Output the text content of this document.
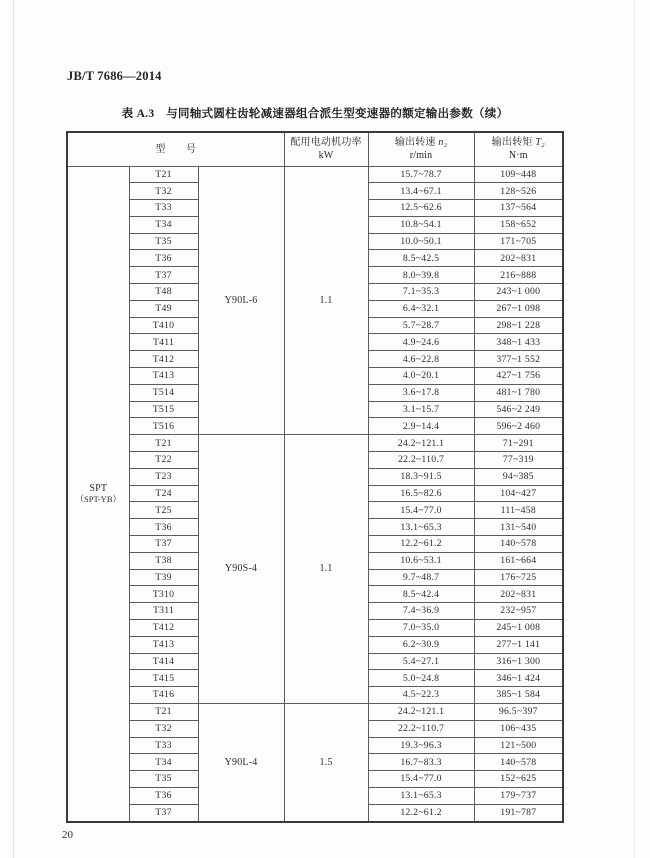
JB/T 7686—2014
表 A.3　与同轴式圆柱齿轮减速器组合派生型变速器的额定输出参数（续）
型　　号	
配用电动机功率
kW

输出转速 n₂
r/min

输出转矩 T₂
N·m

SPT
（SPT-YB）	T21	Y90L-6	1.1	15.7~78.7	109~448
	T32			13.4~67.1	128~526
	T33			12.5~62.6	137~564
	T34			10.8~54.1	158~652
	T35			10.0~50.1	171~705
	T36			8.5~42.5	202~831
	T37			8.0~39.8	216~888
	T48			7.1~35.3	243~1 000
	T49			6.4~32.1	267~1 098
	T410			5.7~28.7	298~1 228
	T411			4.9~24.6	348~1 433
	T412			4.6~22.8	377~1 552
	T413			4.0~20.1	427~1 756
	T514			3.6~17.8	481~1 780
	T515			3.1~15.7	546~2 249
	T516			2.9~14.4	596~2 460
	T21	Y90S-4	1.1	24.2~121.1	71~291
	T22			22.2~110.7	77~319
	T23			18.3~91.5	94~385
	T24			16.5~82.6	104~427
	T25			15.4~77.0	111~458
	T36			13.1~65.3	131~540
	T37			12.2~61.2	140~578
	T38			10.6~53.1	161~664
	T39			9.7~48.7	176~725
	T310			8.5~42.4	202~831
	T311			7.4~36.9	232~957
	T412			7.0~35.0	245~1 008
	T413			6.2~30.9	277~1 141
	T414			5.4~27.1	316~1 300
	T415			5.0~24.8	346~1 424
	T416			4.5~22.3	385~1 584
	T21	Y90L-4	1.5	24.2~121.1	96.5~397
	T32			22.2~110.7	106~435
	T33			19.3~96.3	121~500
	T34			16.7~83.3	140~578
	T35			15.4~77.0	152~625
	T36			13.1~65.3	179~737
	T37			12.2~61.2	191~787
20
